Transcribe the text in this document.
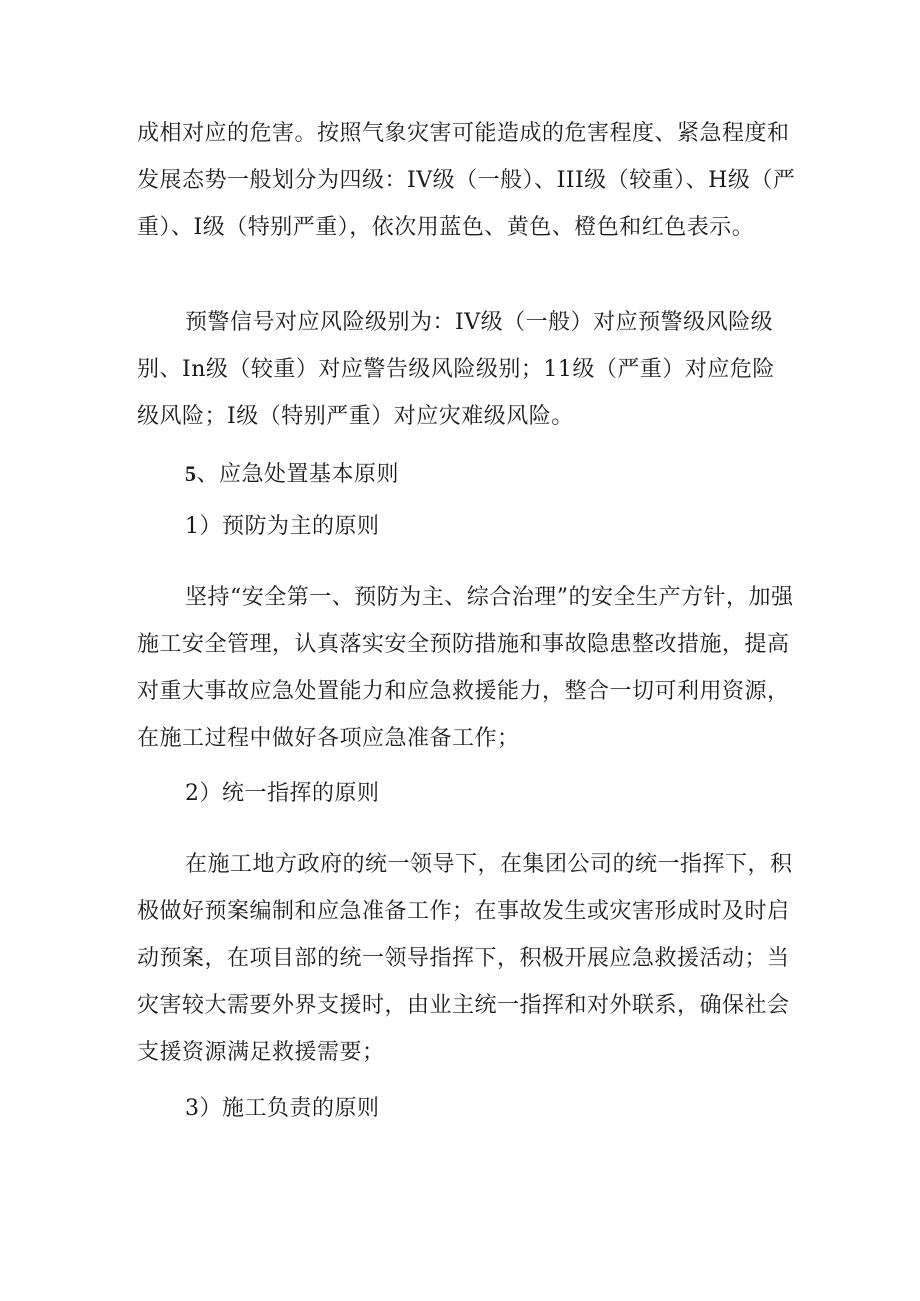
成相对应的危害。按照气象灾害可能造成的危害程度、紧急程度和发展态势一般划分为四级：IV级（一般）、III级（较重）、H级（严重）、I级（特别严重），依次用蓝色、黄色、橙色和红色表示。

预警信号对应风险级别为：IV级（一般）对应预警级风险级别、In级（较重）对应警告级风险级别；11级（严重）对应危险级风险；I级（特别严重）对应灾难级风险。

5、应急处置基本原则

1）预防为主的原则

坚持“安全第一、预防为主、综合治理”的安全生产方针，加强施工安全管理，认真落实安全预防措施和事故隐患整改措施，提高对重大事故应急处置能力和应急救援能力，整合一切可利用资源，在施工过程中做好各项应急准备工作；

2）统一指挥的原则

在施工地方政府的统一领导下，在集团公司的统一指挥下，积极做好预案编制和应急准备工作；在事故发生或灾害形成时及时启动预案，在项目部的统一领导指挥下，积极开展应急救援活动；当灾害较大需要外界支援时，由业主统一指挥和对外联系，确保社会支援资源满足救援需要；

3）施工负责的原则
